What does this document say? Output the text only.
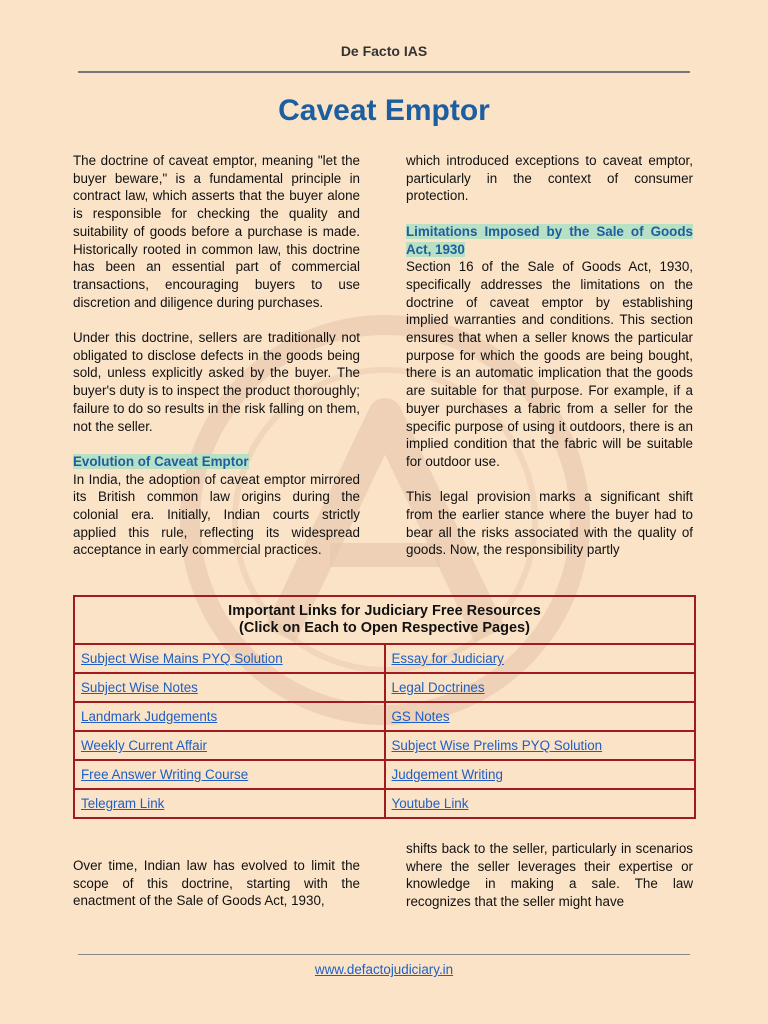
De Facto IAS
Caveat Emptor

The doctrine of caveat emptor, meaning "let the buyer beware," is a fundamental principle in contract law, which asserts that the buyer alone is responsible for checking the quality and suitability of goods before a purchase is made. Historically rooted in common law, this doctrine has been an essential part of commercial transactions, encouraging buyers to use discretion and diligence during purchases.

Under this doctrine, sellers are traditionally not obligated to disclose defects in the goods being sold, unless explicitly asked by the buyer. The buyer's duty is to inspect the product thoroughly; failure to do so results in the risk falling on them, not the seller.

Evolution of Caveat Emptor

In India, the adoption of caveat emptor mirrored its British common law origins during the colonial era. Initially, Indian courts strictly applied this rule, reflecting its widespread acceptance in early commercial practices.

which introduced exceptions to caveat emptor, particularly in the context of consumer protection.

Limitations Imposed by the Sale of Goods Act, 1930

Section 16 of the Sale of Goods Act, 1930, specifically addresses the limitations on the doctrine of caveat emptor by establishing implied warranties and conditions. This section ensures that when a seller knows the particular purpose for which the goods are being bought, there is an automatic implication that the goods are suitable for that purpose. For example, if a buyer purchases a fabric from a seller for the specific purpose of using it outdoors, there is an implied condition that the fabric will be suitable for outdoor use.

This legal provision marks a significant shift from the earlier stance where the buyer had to bear all the risks associated with the quality of goods. Now, the responsibility partly

Important Links for Judiciary Free Resources
(Click on Each to Open Respective Pages)	

Subject Wise Mains PYQ Solution	Essay for Judiciary
Subject Wise Notes	Legal Doctrines
Landmark Judgements	GS Notes
Weekly Current Affair	Subject Wise Prelims PYQ Solution
Free Answer Writing Course	Judgement Writing
Telegram Link	Youtube Link

Over time, Indian law has evolved to limit the scope of this doctrine, starting with the enactment of the Sale of Goods Act, 1930,

shifts back to the seller, particularly in scenarios where the seller leverages their expertise or knowledge in making a sale. The law recognizes that the seller might have

www.defactojudiciary.in
